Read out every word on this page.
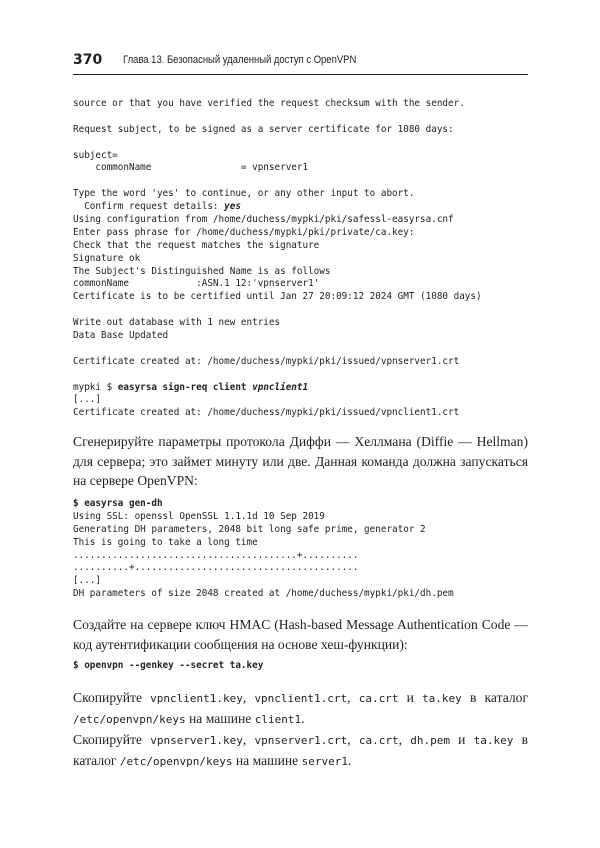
370 Глава 13. Безопасный удаленный доступ с OpenVPN
source or that you have verified the request checksum with the sender.
Request subject, to be signed as a server certificate for 1080 days:
subject=
commonName                = vpnserver1
Type the word 'yes' to continue, or any other input to abort.
Confirm request details: yes
Using configuration from /home/duchess/mypki/pki/safessl-easyrsa.cnf
Enter pass phrase for /home/duchess/mypki/pki/private/ca.key:
Check that the request matches the signature
Signature ok
The Subject's Distinguished Name is as follows
commonName            :ASN.1 12:'vpnserver1'
Certificate is to be certified until Jan 27 20:09:12 2024 GMT (1080 days)
Write out database with 1 new entries
Data Base Updated
Certificate created at: /home/duchess/mypki/pki/issued/vpnserver1.crt
mypki $ easyrsa sign-req client vpnclient1
[...]
Certificate created at: /home/duchess/mypki/pki/issued/vpnclient1.crt
Сгенерируйте параметры протокола Диффи — Хеллмана (Diffie — Hellman) для сервера; это займет минуту или две. Данная команда должна запускаться на сервере OpenVPN:
$ easyrsa gen-dh
Using SSL: openssl OpenSSL 1.1.1d 10 Sep 2019
Generating DH parameters, 2048 bit long safe prime, generator 2
This is going to take a long time
........................................+..........
..........+........................................
[...]
DH parameters of size 2048 created at /home/duchess/mypki/pki/dh.pem
Создайте на сервере ключ HMAC (Hash-based Message Authentication Code — код аутентификации сообщения на основе хеш-функции):
$ openvpn --genkey --secret ta.key
Скопируйте vpnclient1.key, vpnclient1.crt, ca.crt и ta.key в каталог /etc/openvpn/keys на машине client1.
Скопируйте vpnserver1.key, vpnserver1.crt, ca.crt, dh.pem и ta.key в каталог /etc/openvpn/keys на машине server1.
